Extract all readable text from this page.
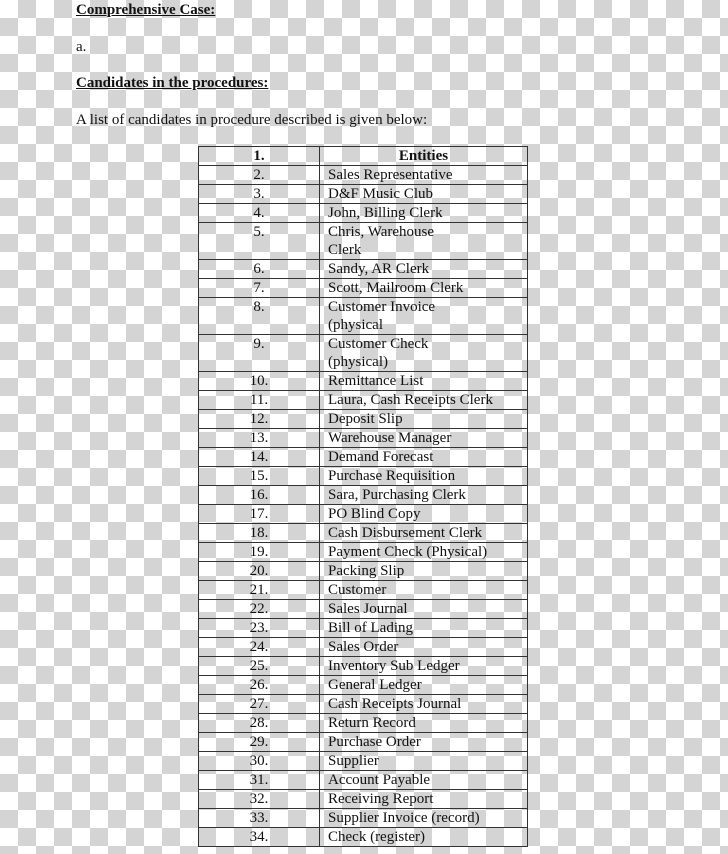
Comprehensive Case:
a.
Candidates in the procedures:
A list of candidates in procedure described is given below:
1.	Entities
2.	Sales Representative
3.	D&F Music Club
4.	John, Billing Clerk
5.	Chris, Warehouse
Clerk
6.	Sandy, AR Clerk
7.	Scott, Mailroom Clerk
8.	Customer Invoice
(physical
9.	Customer Check
(physical)
10.	Remittance List
11.	Laura, Cash Receipts Clerk
12.	Deposit Slip
13.	Warehouse Manager
14.	Demand Forecast
15.	Purchase Requisition
16.	Sara, Purchasing Clerk
17.	PO Blind Copy
18.	Cash Disbursement Clerk
19.	Payment Check (Physical)
20.	Packing Slip
21.	Customer
22.	Sales Journal
23.	Bill of Lading
24.	Sales Order
25.	Inventory Sub Ledger
26.	General Ledger
27.	Cash Receipts Journal
28.	Return Record
29.	Purchase Order
30.	Supplier
31.	Account Payable
32.	Receiving Report
33.	Supplier Invoice (record)
34.	Check (register)
